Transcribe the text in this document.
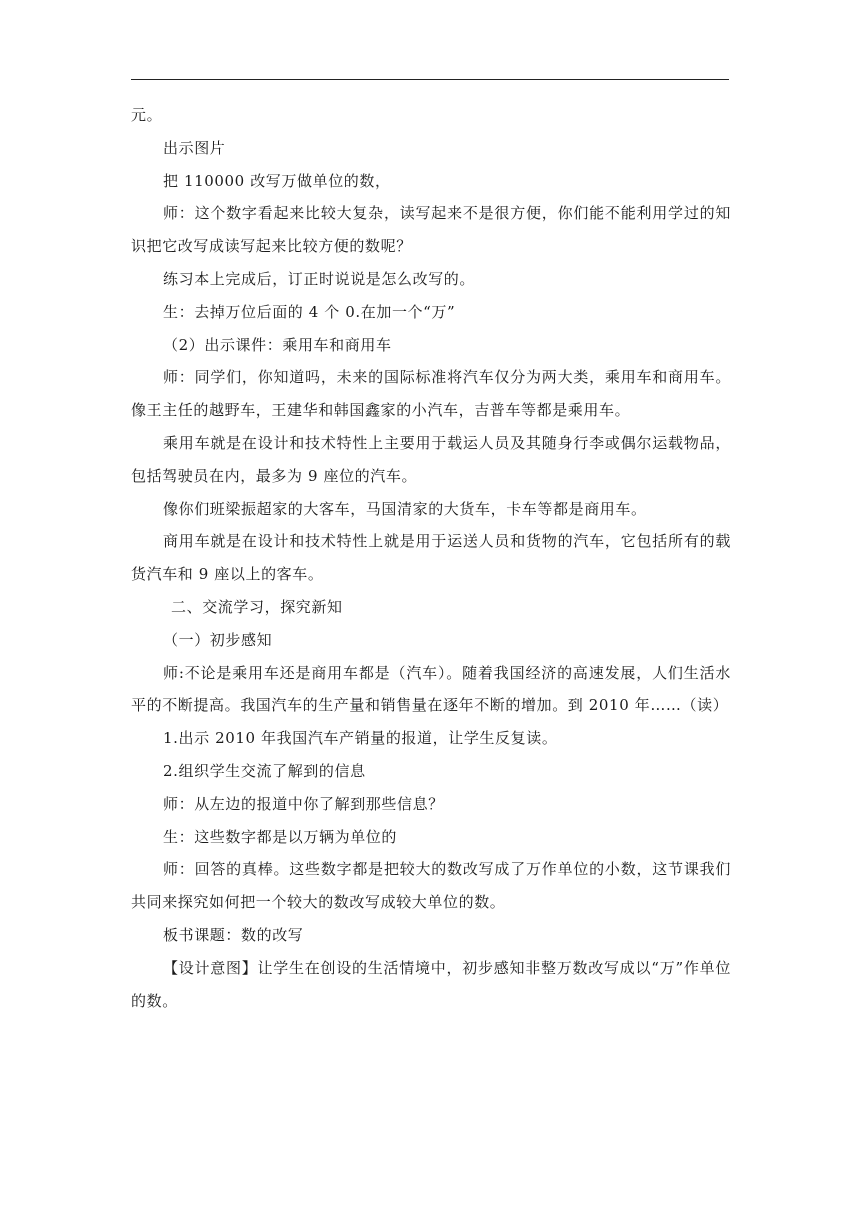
元。

出示图片

把 110000 改写万做单位的数，

师：这个数字看起来比较大复杂，读写起来不是很方便，你们能不能利用学过的知识把它改写成读写起来比较方便的数呢？

练习本上完成后，订正时说说是怎么改写的。

生：去掉万位后面的 4 个 0.在加一个“万”

（2）出示课件：乘用车和商用车

师：同学们，你知道吗，未来的国际标准将汽车仅分为两大类，乘用车和商用车。像王主任的越野车，王建华和韩国鑫家的小汽车，吉普车等都是乘用车。

乘用车就是在设计和技术特性上主要用于载运人员及其随身行李或偶尔运载物品，包括驾驶员在内，最多为 9 座位的汽车。

像你们班梁振超家的大客车，马国清家的大货车，卡车等都是商用车。

商用车就是在设计和技术特性上就是用于运送人员和货物的汽车，它包括所有的载货汽车和 9 座以上的客车。

二、交流学习，探究新知

（一）初步感知

师:不论是乘用车还是商用车都是（汽车）。随着我国经济的高速发展，人们生活水平的不断提高。我国汽车的生产量和销售量在逐年不断的增加。到 2010 年……（读）

1.出示 2010 年我国汽车产销量的报道，让学生反复读。

2.组织学生交流了解到的信息

师：从左边的报道中你了解到那些信息？

生：这些数字都是以万辆为单位的

师：回答的真棒。这些数字都是把较大的数改写成了万作单位的小数，这节课我们共同来探究如何把一个较大的数改写成较大单位的数。

板书课题：数的改写

【设计意图】让学生在创设的生活情境中，初步感知非整万数改写成以“万”作单位的数。
